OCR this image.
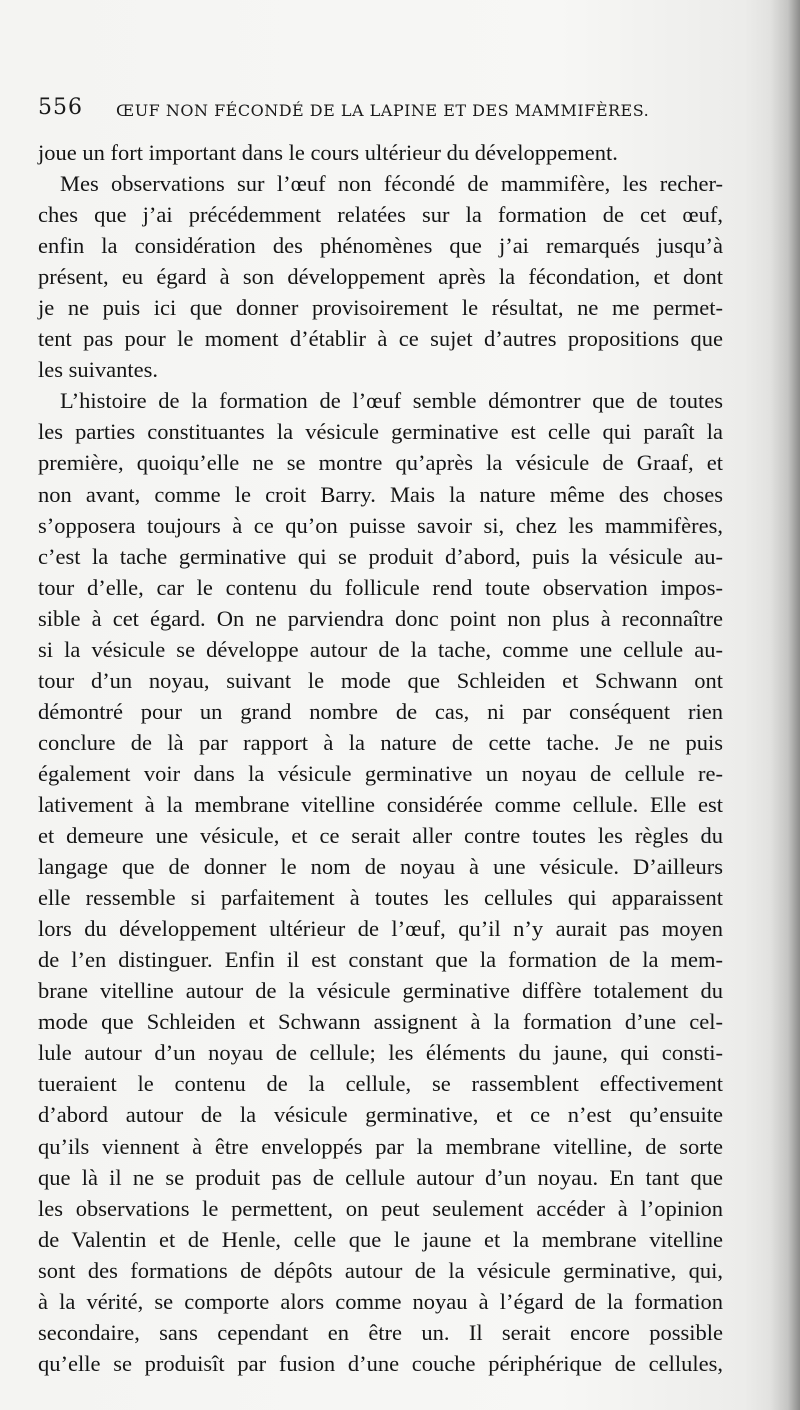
556 ŒUF NON FÉCONDÉ DE LA LAPINE ET DES MAMMIFÈRES.
joue un fort important dans le cours ultérieur du développement.
Mes observations sur l’œuf non fécondé de mammifère, les recher-
ches que j’ai précédemment relatées sur la formation de cet œuf,
enfin la considération des phénomènes que j’ai remarqués jusqu’à
présent, eu égard à son développement après la fécondation, et dont
je ne puis ici que donner provisoirement le résultat, ne me permet-
tent pas pour le moment d’établir à ce sujet d’autres propositions que
les suivantes.
L’histoire de la formation de l’œuf semble démontrer que de toutes
les parties constituantes la vésicule germinative est celle qui paraît la
première, quoiqu’elle ne se montre qu’après la vésicule de Graaf, et
non avant, comme le croit Barry. Mais la nature même des choses
s’opposera toujours à ce qu’on puisse savoir si, chez les mammifères,
c’est la tache germinative qui se produit d’abord, puis la vésicule au-
tour d’elle, car le contenu du follicule rend toute observation impos-
sible à cet égard. On ne parviendra donc point non plus à reconnaître
si la vésicule se développe autour de la tache, comme une cellule au-
tour d’un noyau, suivant le mode que Schleiden et Schwann ont
démontré pour un grand nombre de cas, ni par conséquent rien
conclure de là par rapport à la nature de cette tache. Je ne puis
également voir dans la vésicule germinative un noyau de cellule re-
lativement à la membrane vitelline considérée comme cellule. Elle est
et demeure une vésicule, et ce serait aller contre toutes les règles du
langage que de donner le nom de noyau à une vésicule. D’ailleurs
elle ressemble si parfaitement à toutes les cellules qui apparaissent
lors du développement ultérieur de l’œuf, qu’il n’y aurait pas moyen
de l’en distinguer. Enfin il est constant que la formation de la mem-
brane vitelline autour de la vésicule germinative diffère totalement du
mode que Schleiden et Schwann assignent à la formation d’une cel-
lule autour d’un noyau de cellule; les éléments du jaune, qui consti-
tueraient le contenu de la cellule, se rassemblent effectivement
d’abord autour de la vésicule germinative, et ce n’est qu’ensuite
qu’ils viennent à être enveloppés par la membrane vitelline, de sorte
que là il ne se produit pas de cellule autour d’un noyau. En tant que
les observations le permettent, on peut seulement accéder à l’opinion
de Valentin et de Henle, celle que le jaune et la membrane vitelline
sont des formations de dépôts autour de la vésicule germinative, qui,
à la vérité, se comporte alors comme noyau à l’égard de la formation
secondaire, sans cependant en être un. Il serait encore possible
qu’elle se produisît par fusion d’une couche périphérique de cellules,
